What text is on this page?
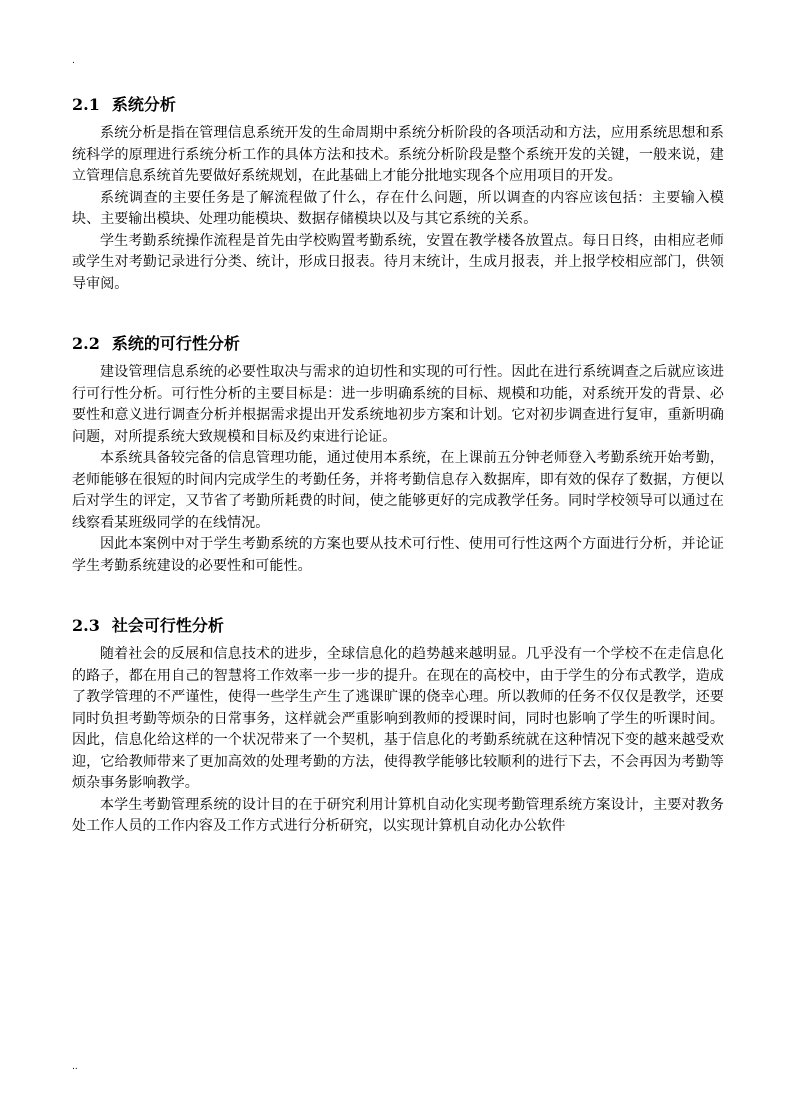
.
2.1 系统分析

系统分析是指在管理信息系统开发的生命周期中系统分析阶段的各项活动和方法，应用系统思想和系统科学的原理进行系统分析工作的具体方法和技术。系统分析阶段是整个系统开发的关键，一般来说，建立管理信息系统首先要做好系统规划，在此基础上才能分批地实现各个应用项目的开发。

系统调查的主要任务是了解流程做了什么，存在什么问题，所以调查的内容应该包括：主要输入模块、主要输出模块、处理功能模块、数据存储模块以及与其它系统的关系。

学生考勤系统操作流程是首先由学校购置考勤系统，安置在教学楼各放置点。每日日终，由相应老师或学生对考勤记录进行分类、统计，形成日报表。待月末统计，生成月报表，并上报学校相应部门，供领导审阅。

2.2 系统的可行性分析

建设管理信息系统的必要性取决与需求的迫切性和实现的可行性。因此在进行系统调查之后就应该进行可行性分析。可行性分析的主要目标是：进一步明确系统的目标、规模和功能，对系统开发的背景、必要性和意义进行调查分析并根据需求提出开发系统地初步方案和计划。它对初步调查进行复审，重新明确问题，对所提系统大致规模和目标及约束进行论证。

本系统具备较完备的信息管理功能，通过使用本系统，在上课前五分钟老师登入考勤系统开始考勤，老师能够在很短的时间内完成学生的考勤任务，并将考勤信息存入数据库，即有效的保存了数据，方便以后对学生的评定，又节省了考勤所耗费的时间，使之能够更好的完成教学任务。同时学校领导可以通过在线察看某班级同学的在线情况。

因此本案例中对于学生考勤系统的方案也要从技术可行性、使用可行性这两个方面进行分析，并论证学生考勤系统建设的必要性和可能性。

2.3 社会可行性分析

随着社会的反展和信息技术的进步，全球信息化的趋势越来越明显。几乎没有一个学校不在走信息化的路子，都在用自己的智慧将工作效率一步一步的提升。在现在的高校中，由于学生的分布式教学，造成了教学管理的不严谨性，使得一些学生产生了逃课旷课的侥幸心理。所以教师的任务不仅仅是教学，还要同时负担考勤等烦杂的日常事务，这样就会严重影响到教师的授课时间，同时也影响了学生的听课时间。因此，信息化给这样的一个状况带来了一个契机，基于信息化的考勤系统就在这种情况下变的越来越受欢迎，它给教师带来了更加高效的处理考勤的方法，使得教学能够比较顺利的进行下去，不会再因为考勤等烦杂事务影响教学。

本学生考勤管理系统的设计目的在于研究利用计算机自动化实现考勤管理系统方案设计，主要对教务处工作人员的工作内容及工作方式进行分析研究，以实现计算机自动化办公软件

..
